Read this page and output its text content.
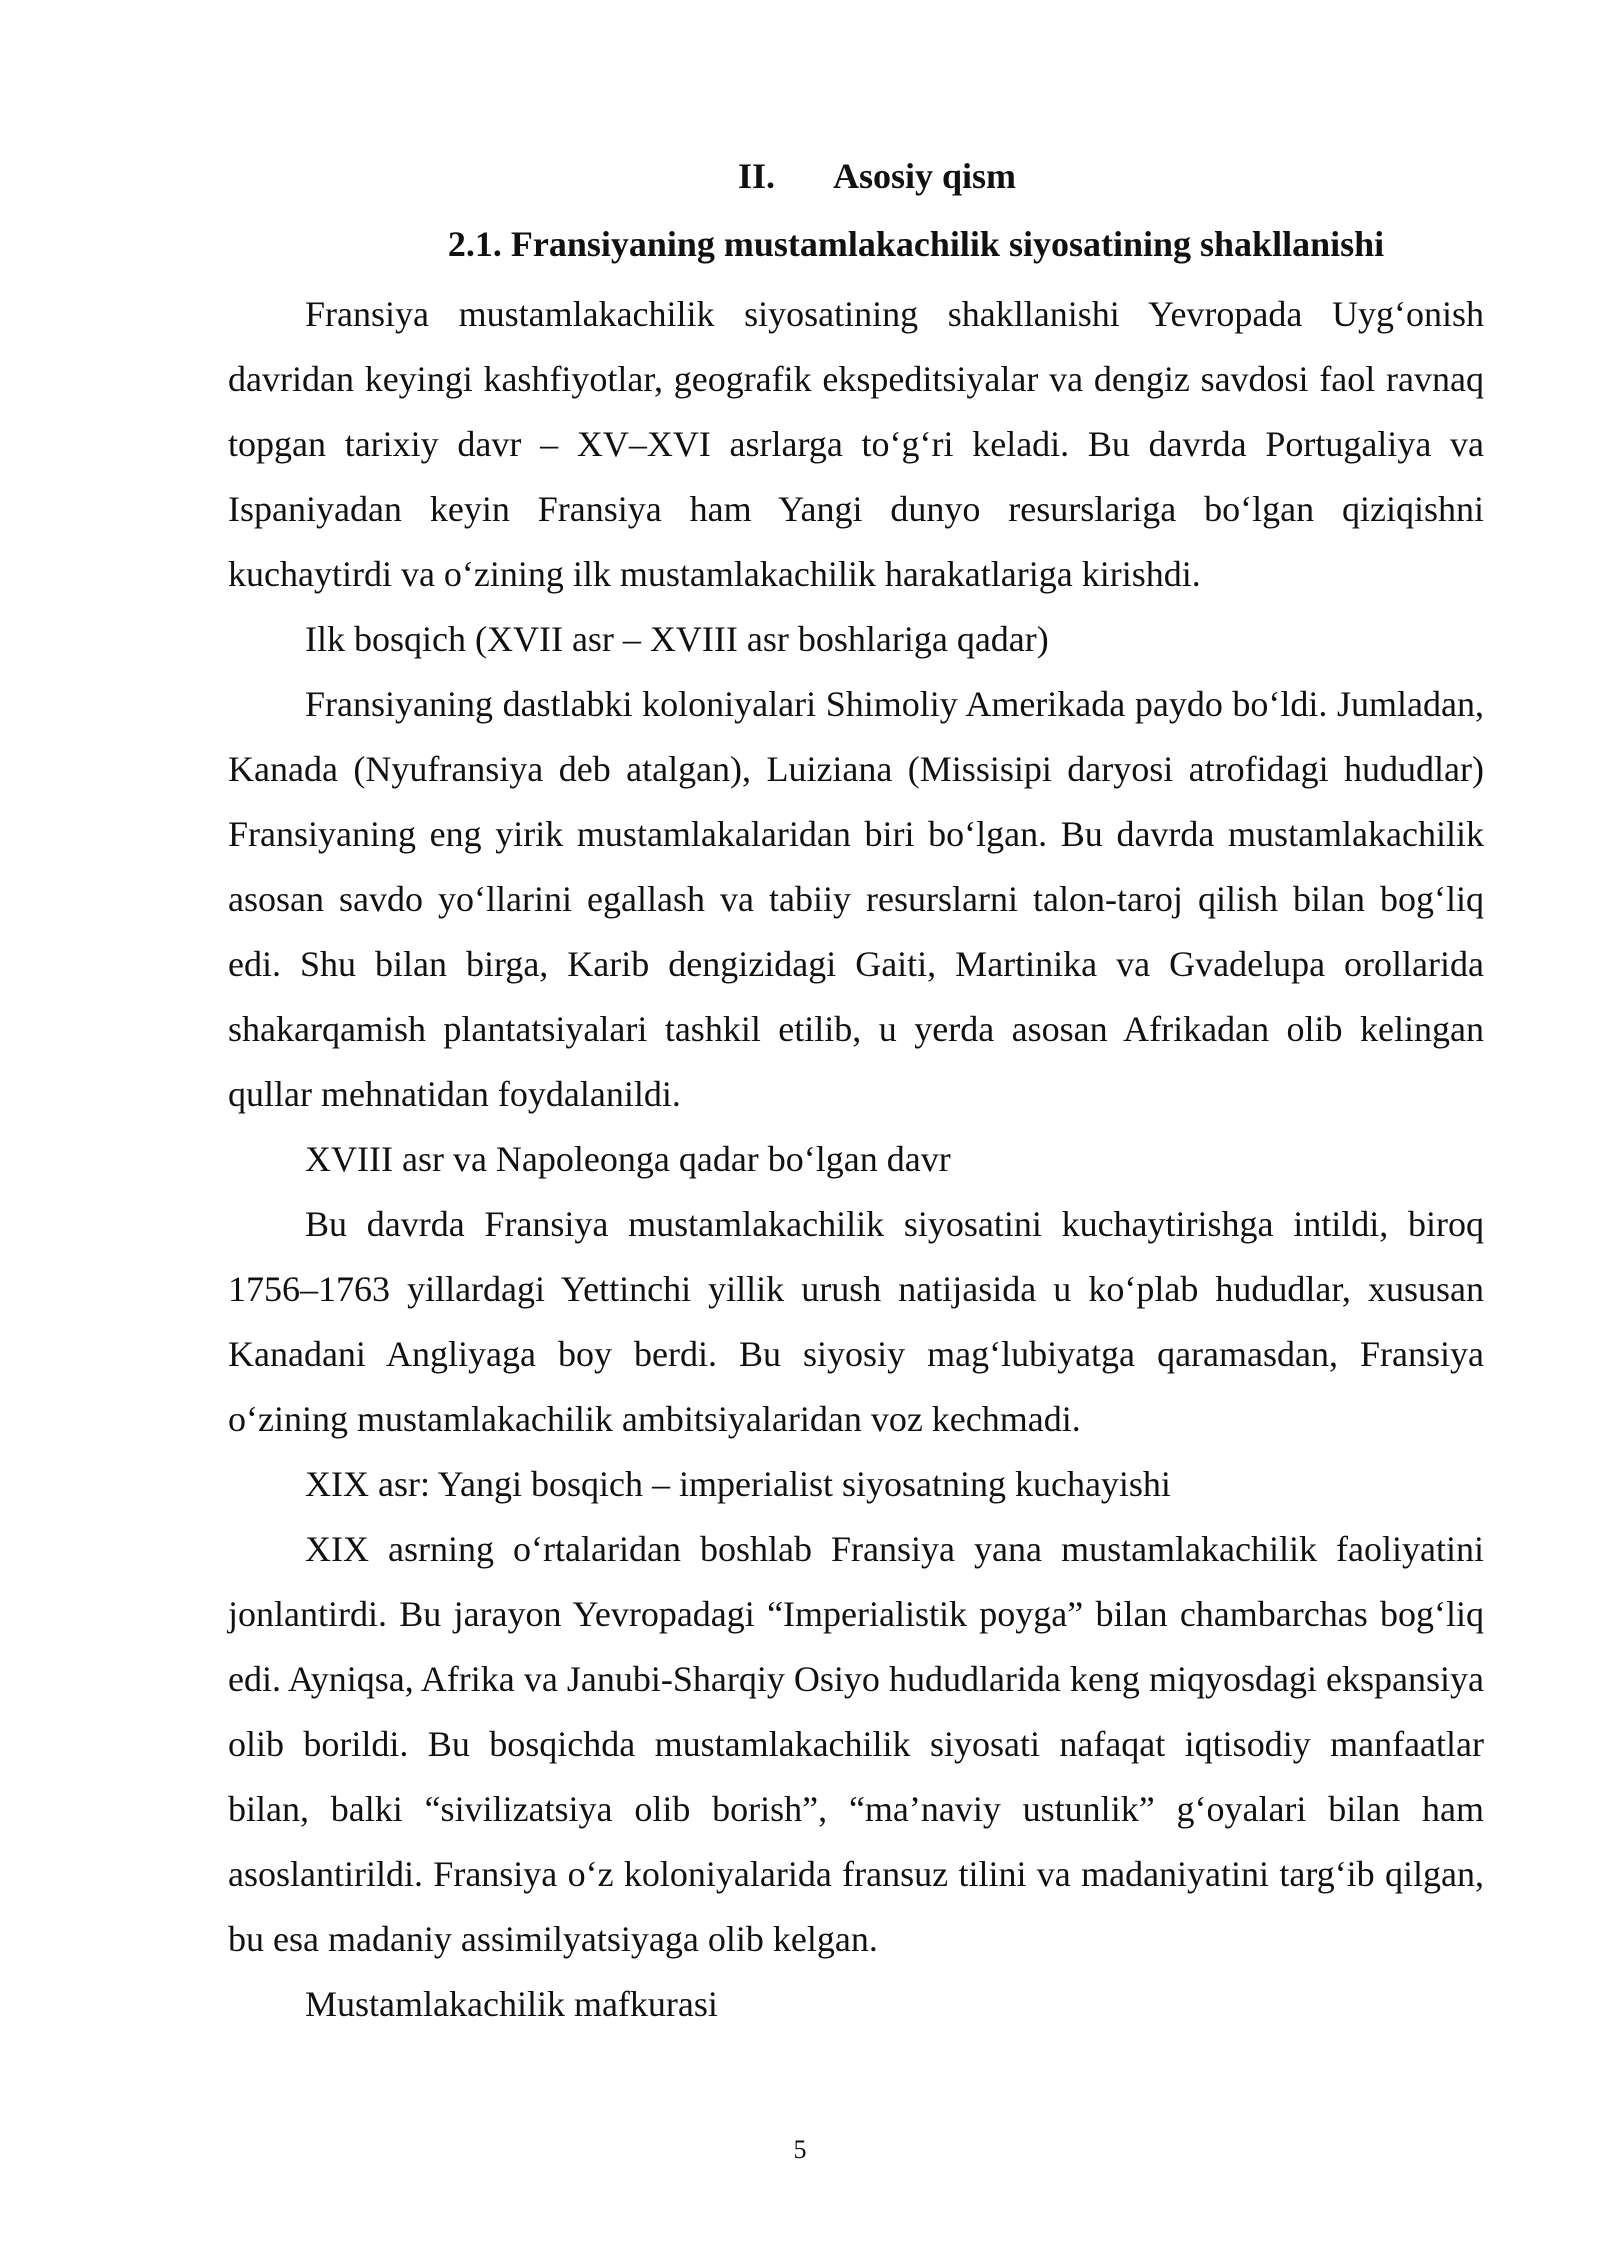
II. Asosiy qism
2.1. Fransiyaning mustamlakachilik siyosatining shakllanishi

Fransiya mustamlakachilik siyosatining shakllanishi Yevropada Uyg‘onish davridan keyingi kashfiyotlar, geografik ekspeditsiyalar va dengiz savdosi faol ravnaq topgan tarixiy davr – XV–XVI asrlarga to‘g‘ri keladi. Bu davrda Portugaliya va Ispaniyadan keyin Fransiya ham Yangi dunyo resurslariga bo‘lgan qiziqishni kuchaytirdi va o‘zining ilk mustamlakachilik harakatlariga kirishdi.

Ilk bosqich (XVII asr – XVIII asr boshlariga qadar)

Fransiyaning dastlabki koloniyalari Shimoliy Amerikada paydo bo‘ldi. Jumladan, Kanada (Nyufransiya deb atalgan), Luiziana (Missisipi daryosi atrofidagi hududlar) Fransiyaning eng yirik mustamlakalaridan biri bo‘lgan. Bu davrda mustamlakachilik asosan savdo yo‘llarini egallash va tabiiy resurslarni talon-taroj qilish bilan bog‘liq edi. Shu bilan birga, Karib dengizidagi Gaiti, Martinika va Gvadelupa orollarida shakarqamish plantatsiyalari tashkil etilib, u yerda asosan Afrikadan olib kelingan qullar mehnatidan foydalanildi.

XVIII asr va Napoleonga qadar bo‘lgan davr

Bu davrda Fransiya mustamlakachilik siyosatini kuchaytirishga intildi, biroq 1756–1763 yillardagi Yettinchi yillik urush natijasida u ko‘plab hududlar, xususan Kanadani Angliyaga boy berdi. Bu siyosiy mag‘lubiyatga qaramasdan, Fransiya o‘zining mustamlakachilik ambitsiyalaridan voz kechmadi.

XIX asr: Yangi bosqich – imperialist siyosatning kuchayishi

XIX asrning o‘rtalaridan boshlab Fransiya yana mustamlakachilik faoliyatini jonlantirdi. Bu jarayon Yevropadagi “Imperialistik poyga” bilan chambarchas bog‘liq edi. Ayniqsa, Afrika va Janubi-Sharqiy Osiyo hududlarida keng miqyosdagi ekspansiya olib borildi. Bu bosqichda mustamlakachilik siyosati nafaqat iqtisodiy manfaatlar bilan, balki “sivilizatsiya olib borish”, “ma’naviy ustunlik” g‘oyalari bilan ham asoslantirildi. Fransiya o‘z koloniyalarida fransuz tilini va madaniyatini targ‘ib qilgan, bu esa madaniy assimilyatsiyaga olib kelgan.

Mustamlakachilik mafkurasi

5
